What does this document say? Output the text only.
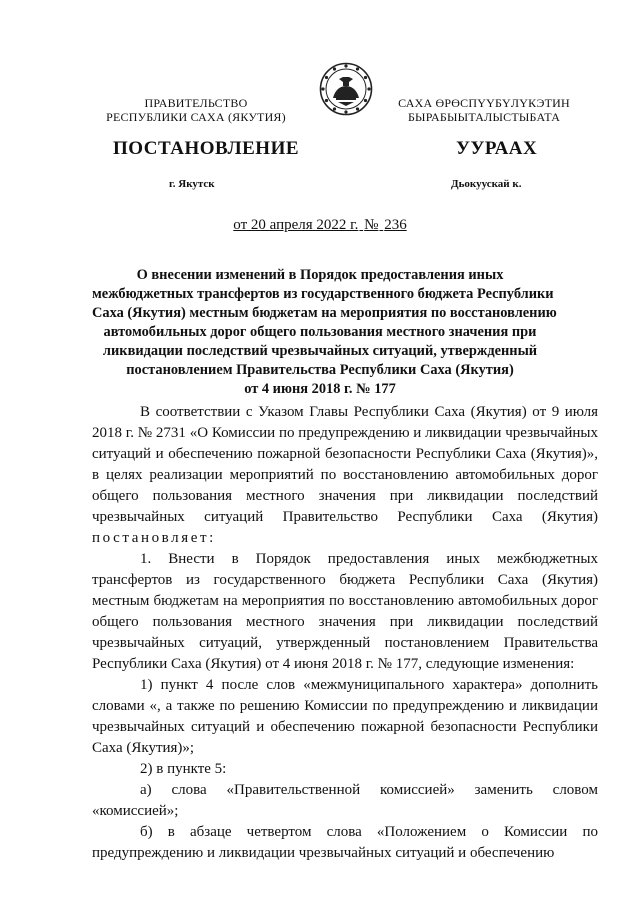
ПРАВИТЕЛЬСТВО
РЕСПУБЛИКИ САХА (ЯКУТИЯ)
САХА ӨРӨСПҮҮБҮЛҮКЭТИН
БЫРАБЫЫТАЛЫСТЫБАТА
ПОСТАНОВЛЕНИЕ	УУРААХ
г. Якутск	Дьокуускай к.
от 20 апреля 2022 г. № 236
О внесении изменений в Порядок предоставления иных
межбюджетных трансфертов из государственного бюджета Республики
Саха (Якутия) местным бюджетам на мероприятия по восстановлению
автомобильных дорог общего пользования местного значения при
ликвидации последствий чрезвычайных ситуаций, утвержденный
постановлением Правительства Республики Саха (Якутия)
от 4 июня 2018 г. № 177

В соответствии с Указом Главы Республики Саха (Якутия) от 9 июля 2018 г. № 2731 «О Комиссии по предупреждению и ликвидации чрезвычайных ситуаций и обеспечению пожарной безопасности Республики Саха (Якутия)», в целях реализации мероприятий по восстановлению автомобильных дорог общего пользования местного значения при ликвидации последствий чрезвычайных ситуаций Правительство Республики Саха (Якутия) постановляет:

1. Внести в Порядок предоставления иных межбюджетных трансфертов из государственного бюджета Республики Саха (Якутия) местным бюджетам на мероприятия по восстановлению автомобильных дорог общего пользования местного значения при ликвидации последствий чрезвычайных ситуаций, утвержденный постановлением Правительства Республики Саха (Якутия) от 4 июня 2018 г. № 177, следующие изменения:

1) пункт 4 после слов «межмуниципального характера» дополнить словами «, а также по решению Комиссии по предупреждению и ликвидации чрезвычайных ситуаций и обеспечению пожарной безопасности Республики Саха (Якутия)»;

2) в пункте 5:

а) слова «Правительственной комиссией» заменить словом «комиссией»;

б) в абзаце четвертом слова «Положением о Комиссии по предупреждению и ликвидации чрезвычайных ситуаций и обеспечению
